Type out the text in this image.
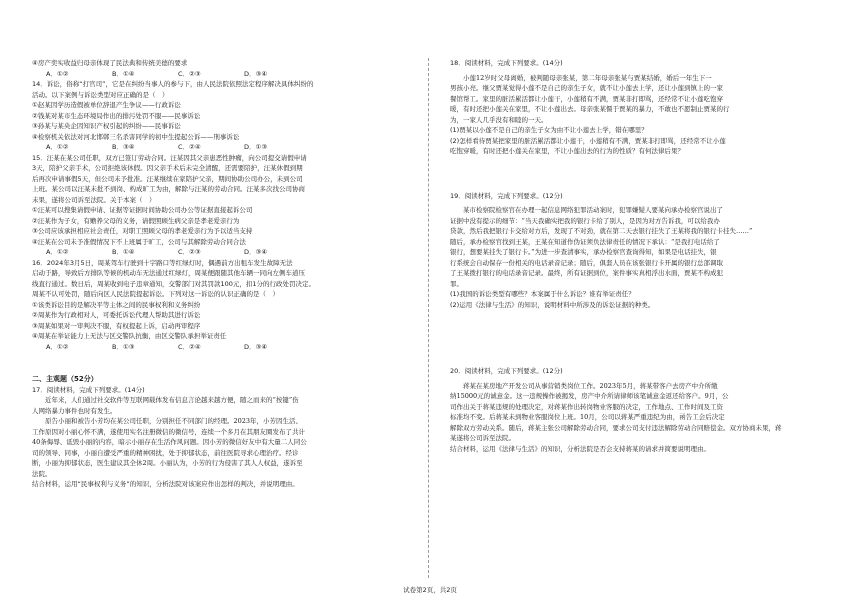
④房产奕实收益归母亲体现了民法典和传统美德的要求
A．①②	B．①④	C．②③	D．③④
14．诉讼，俗称“打官司”，它是在纠纷当事人的参与下，由人民法院依照法定程序解决具体纠纷的
活动。以下案例与诉讼类型对应正确的是（　）
①赵某因学历造假被单位辞退产生争议——行政诉讼
②钱某对某市生态环境局作出的排污处罚不服——民事诉讼
③孙某与某央企因知识产权引起的纠纷——民事诉讼
④检察机关依法对河北邯郸三名杀害同学的初中生提起公诉——刑事诉讼
A．①②	B．③④	C．②④	D．①③
15．汪某在某公司任职，双方已签订劳动合同。汪某因其父亲患恶性肿瘤，向公司提交请假申请
3天，陪护父亲手术，公司拒绝该休假。因父亲手术后未完全清醒，还需要陪护，汪某休假到期
后再次申请事假5天，但公司未予批准。汪某继续在家陪护父亲，期间协助公司办公，未到公司
上班。某公司以汪某未批不到岗、构成旷工为由，解除与汪某的劳动合同。汪某多次找公司协商
未果，遂将公司诉至法院。关于本案（　）
①汪某可以搜集请假申请、证据等证据时间协助公司办公等证据直接起诉公司
②汪某作为子女，有赡养父母的义务，请假照顾生病父亲是孝老爱亲行为
③公司应该承担相应社会责任，对职工照顾父母的孝老爱亲行为予以适当支持
④汪某在公司未予准假情况下不上班属于旷工，公司与其解除劳动合同合法
A．①②	B．①④	C．②③	D．③④
16．2024年3月5日，周某驾车行驶到十字路口等红绿灯时，偶遇前方出租车发生故障无法
启动于路，导致后方排队等候的机动车无法通过红绿灯，周某便跟随其他车辆一同向左侧车道压
线直行通过。数日后，周某收到电子违章通知，交警部门对其罚款100元，扣1分的行政处罚决定。
周某不认可处罚，随后向区人民法院提起诉讼。下列对这一诉讼的认识正确的是（　）
①该类诉讼目的是解决平等主体之间的民事权利和义务纠纷
②周某作为行政相对人，可委托诉讼代理人帮助其进行诉讼
③周某如果对一审判决不服，有权提起上诉，启动再审程序
④周某在举证能力上无法与区交警队抗衡，由区交警队承担举证责任
A．①②	B．①③	C．②④	D．③④
二、主观题（52分）
17．阅读材料，完成下列要求。(14分)
　　近年来，人们通过社交软件等互联网载体发布信息言论越来越方便，随之而来的“按键”伤
人网络暴力事件也时有发生。
　　原告小丽和被告小芳均在某公司任职，分别担任不同部门的经理。2023年，小芳因生活、
工作原因对小丽心怀不满，遂使用实名注册微信的微信号，连续一个多月在其朋友圈发布了共计
40条侮辱、诋毁小丽的内容，暗示小丽存在生活作风问题。因小芳的微信好友中有大量二人同公
司的领导、同事，小丽自遭受严重的精神困扰，处于抑郁状态，前往医院寻求心理治疗。经诊
断，小丽为抑郁状态，医生建议其全休2周。小丽认为，小芳的行为侵害了其人人权益，遂诉至
法院。
结合材料，运用“民事权利与义务”的知识，分析法院对该案应作出怎样的判决，并说明理由。
18．阅读材料，完成下列要求。(14分)
　　小莲12岁时父母离婚，被判随母亲张某，第二年母亲张某与贾某结婚，婚后一年生下一
男孩小亮。继父贾某觉得小莲不是自己的亲生子女，就不让小莲去上学，还让小莲到镇上的一家
餐馆帮工。家里的脏活累活都让小莲干，小莲稍有不满，贾某非打即骂，还经常不让小莲吃饱穿
暖，有时还把小莲关在家里，不让小莲出去。母亲张某慑于贾某的暴力，不敢也不愿制止贾某的行
为，一家人几乎没有和睦的一天。
(1)贾某以小莲不是自己的亲生子女为由不让小莲去上学，错在哪里？
(2)怎样看待贾某把家里的脏活累活都让小莲干，小莲稍有不满，贾某非打即骂，还经常不让小莲
吃饱穿暖，有时还把小莲关在家里，不让小莲出去的行为的性质？有何法律后果？
19．阅读材料，完成下列要求。(12分)
　　某市检察院检察官在办理一起信息网络犯罪活动案时，犯罪嫌疑人要某向承办检察官说出了
证据中没有提示的细节：“当天我确实把我的银行卡给了别人，是因为对方告诉我，可以给我办
贷款，然后我把银行卡交给对方后，发现了不对劲，就在第二天去银行挂失了王某将我的银行卡挂失……”
随后，承办检察官找到王某，王某在知道作伪证须负法律责任的情况下承认：“是我打电话给了
银行，想要某挂失了银行卡。”为进一步查清事实，承办检察官查询得知，如果是电话挂失，银
行系统会自动保存一份相关的电话录音记录；随后，俱套人员在该张银行卡开属的银行总部调取
了王某拨打银行的电话录音记录。最终，所有证据到位，案件事实真相浮出水面，贾某不构成犯
罪。
(1)我国的诉讼类型有哪些？本案属于什么诉讼？谁有举证责任？
(2)运用《法律与生活》的知识，说明材料中所涉及的诉讼证据的种类。
20．阅读材料，完成下列要求。(12分)
　　蒋某在某房地产开发公司从事营销类岗位工作。2023年5月，蒋某带客户去房产中介所缴
纳15000元的诚意金。这一违规操作被揭发，房产中介所请律师该笔诚意金返还给客户。9月，公
司作出关于蒋某违规的处理决定，对蒋某作出转岗物业客服的决定，工作地点、工作时间及工资
标准均不变。后蒋某未到物业客服岗位上班。10月，公司以蒋某严重违纪为由，函告工会后决定
解除双方劳动关系。随后，蒋某主张公司解除劳动合同，要求公司支付违法解除劳动合同赔偿金。双方协商未果，蒋
某遂将公司诉至法院。
结合材料，运用《法律与生活》的知识，分析法院是否会支持蒋某的请求并简要说明理由。
试卷第2页，共2页
